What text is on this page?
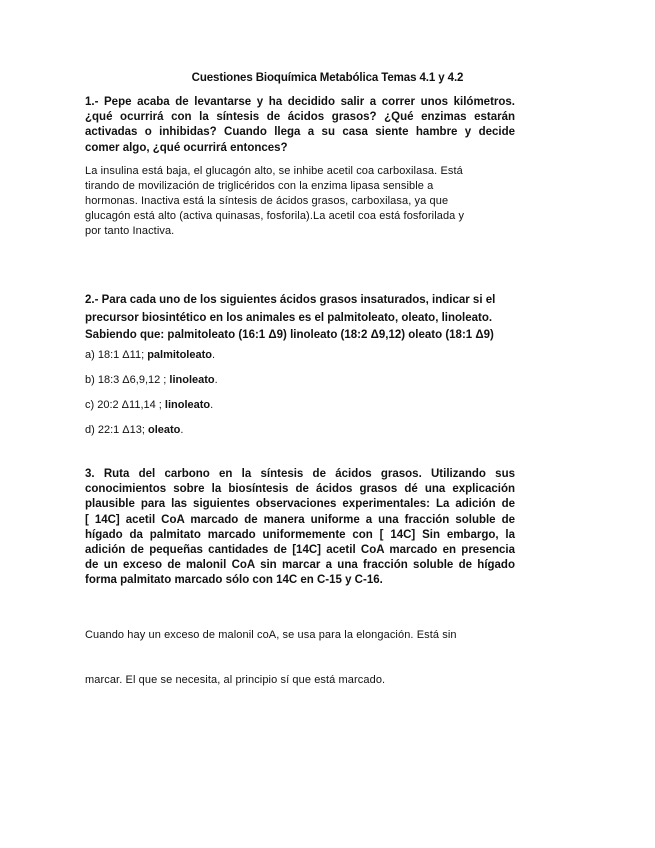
Cuestiones Bioquímica Metabólica Temas 4.1 y 4.2
1.- Pepe acaba de levantarse y ha decidido salir a correr unos kilómetros.
¿qué ocurrirá con la síntesis de ácidos grasos? ¿Qué enzimas estarán
activadas o inhibidas? Cuando llega a su casa siente hambre y decide
comer algo, ¿qué ocurrirá entonces?
La insulina está baja, el glucagón alto, se inhibe acetil coa carboxilasa. Está
tirando de movilización de triglicéridos con la enzima lipasa sensible a
hormonas. Inactiva está la síntesis de ácidos grasos, carboxilasa, ya que
glucagón está alto (activa quinasas, fosforila).La acetil coa está fosforilada y
por tanto Inactiva.
2.- Para cada uno de los siguientes ácidos grasos insaturados, indicar si el
precursor biosintético en los animales es el palmitoleato, oleato, linoleato.
Sabiendo que: palmitoleato (16:1 Δ9) linoleato (18:2 Δ9,12) oleato (18:1 Δ9)
a) 18:1 Δ11; palmitoleato.
b) 18:3 Δ6,9,12 ; linoleato.
c) 20:2 Δ11,14 ; linoleato.
d) 22:1 Δ13; oleato.
3. Ruta del carbono en la síntesis de ácidos grasos. Utilizando sus
conocimientos sobre la biosíntesis de ácidos grasos dé una explicación
plausible para las siguientes observaciones experimentales: La adición de
[ 14C] acetil CoA marcado de manera uniforme a una fracción soluble de
hígado da palmitato marcado uniformemente con [ 14C] Sin embargo, la
adición de pequeñas cantidades de [14C] acetil CoA marcado en presencia
de un exceso de malonil CoA sin marcar a una fracción soluble de hígado
forma palmitato marcado sólo con 14C en C-15 y C-16.

Cuando hay un exceso de malonil coA, se usa para la elongación. Está sin

marcar. El que se necesita, al principio sí que está marcado.
